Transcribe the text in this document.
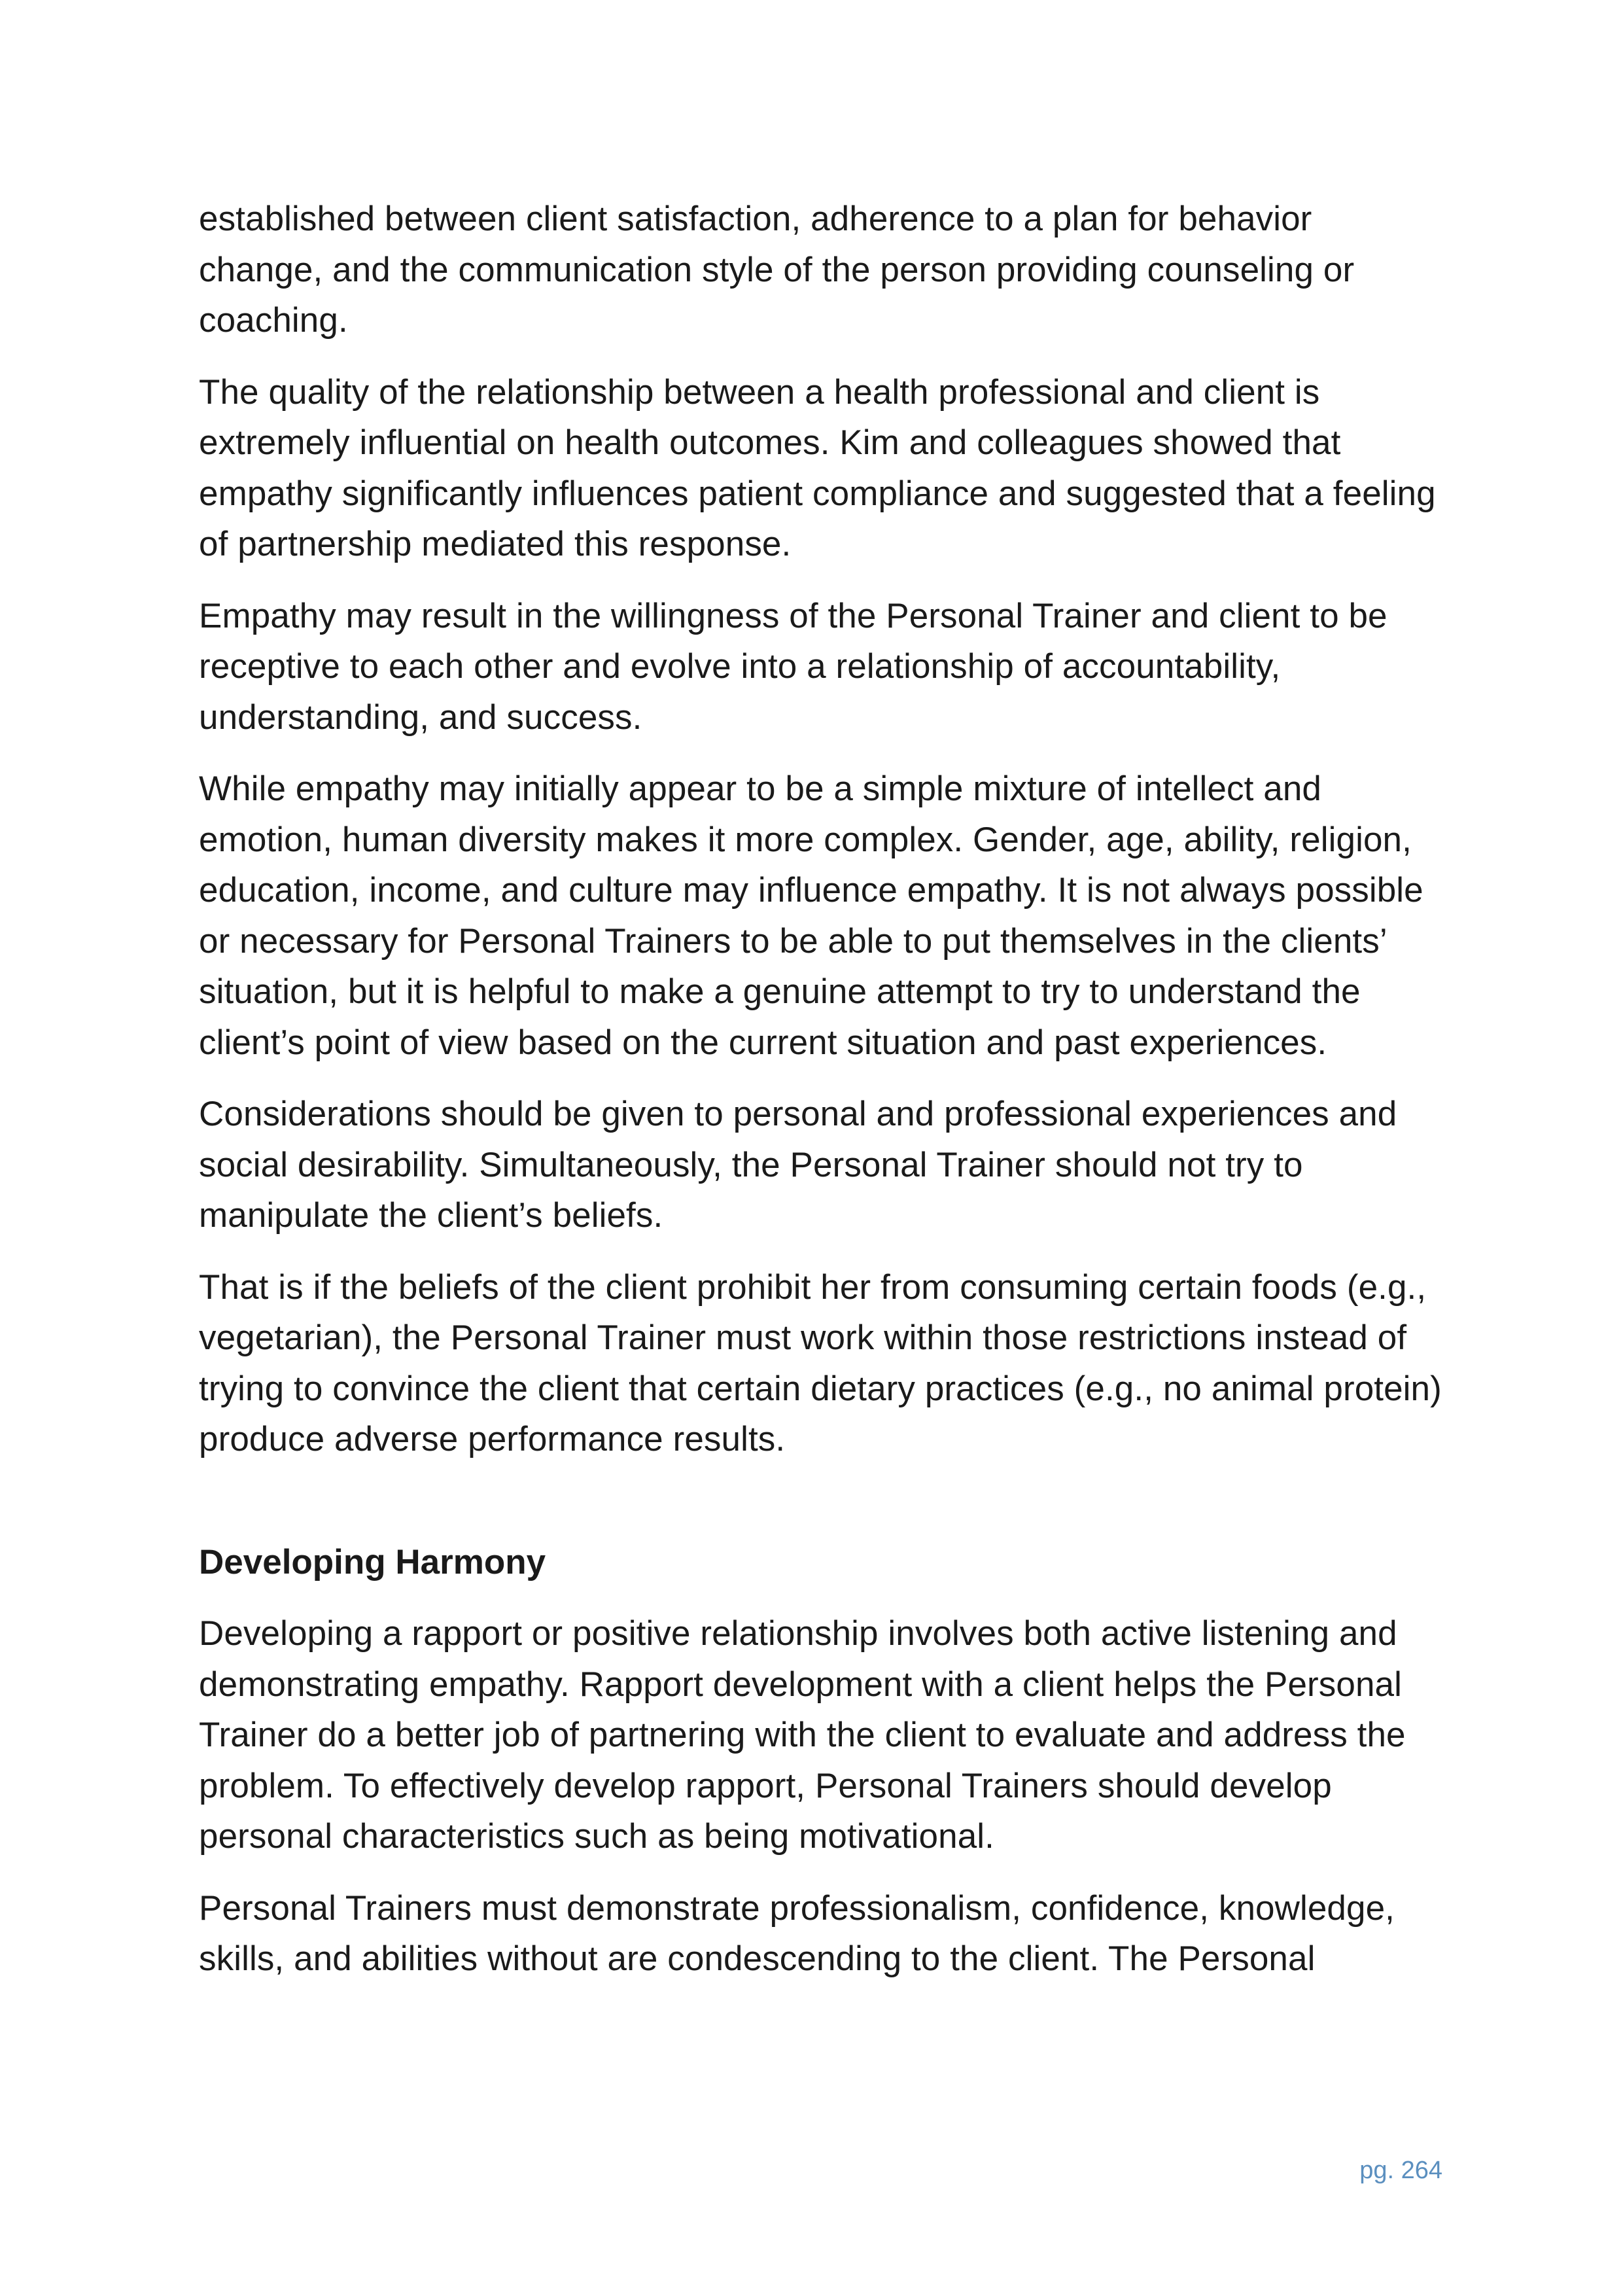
established between client satisfaction, adherence to a plan for behavior change, and the communication style of the person providing counseling or coaching.

The quality of the relationship between a health professional and client is extremely influential on health outcomes. Kim and colleagues showed that empathy significantly influences patient compliance and suggested that a feeling of partnership mediated this response.

Empathy may result in the willingness of the Personal Trainer and client to be receptive to each other and evolve into a relationship of accountability, understanding, and success.

While empathy may initially appear to be a simple mixture of intellect and emotion, human diversity makes it more complex. Gender, age, ability, religion, education, income, and culture may influence empathy. It is not always possible or necessary for Personal Trainers to be able to put themselves in the clients’ situation, but it is helpful to make a genuine attempt to try to understand the client’s point of view based on the current situation and past experiences.

Considerations should be given to personal and professional experiences and social desirability. Simultaneously, the Personal Trainer should not try to manipulate the client’s beliefs.

That is if the beliefs of the client prohibit her from consuming certain foods (e.g., vegetarian), the Personal Trainer must work within those restrictions instead of trying to convince the client that certain dietary practices (e.g., no animal protein) produce adverse performance results.

Developing Harmony

Developing a rapport or positive relationship involves both active listening and demonstrating empathy. Rapport development with a client helps the Personal Trainer do a better job of partnering with the client to evaluate and address the problem. To effectively develop rapport, Personal Trainers should develop personal characteristics such as being motivational.

Personal Trainers must demonstrate professionalism, confidence, knowledge, skills, and abilities without are condescending to the client. The Personal

pg. 264
